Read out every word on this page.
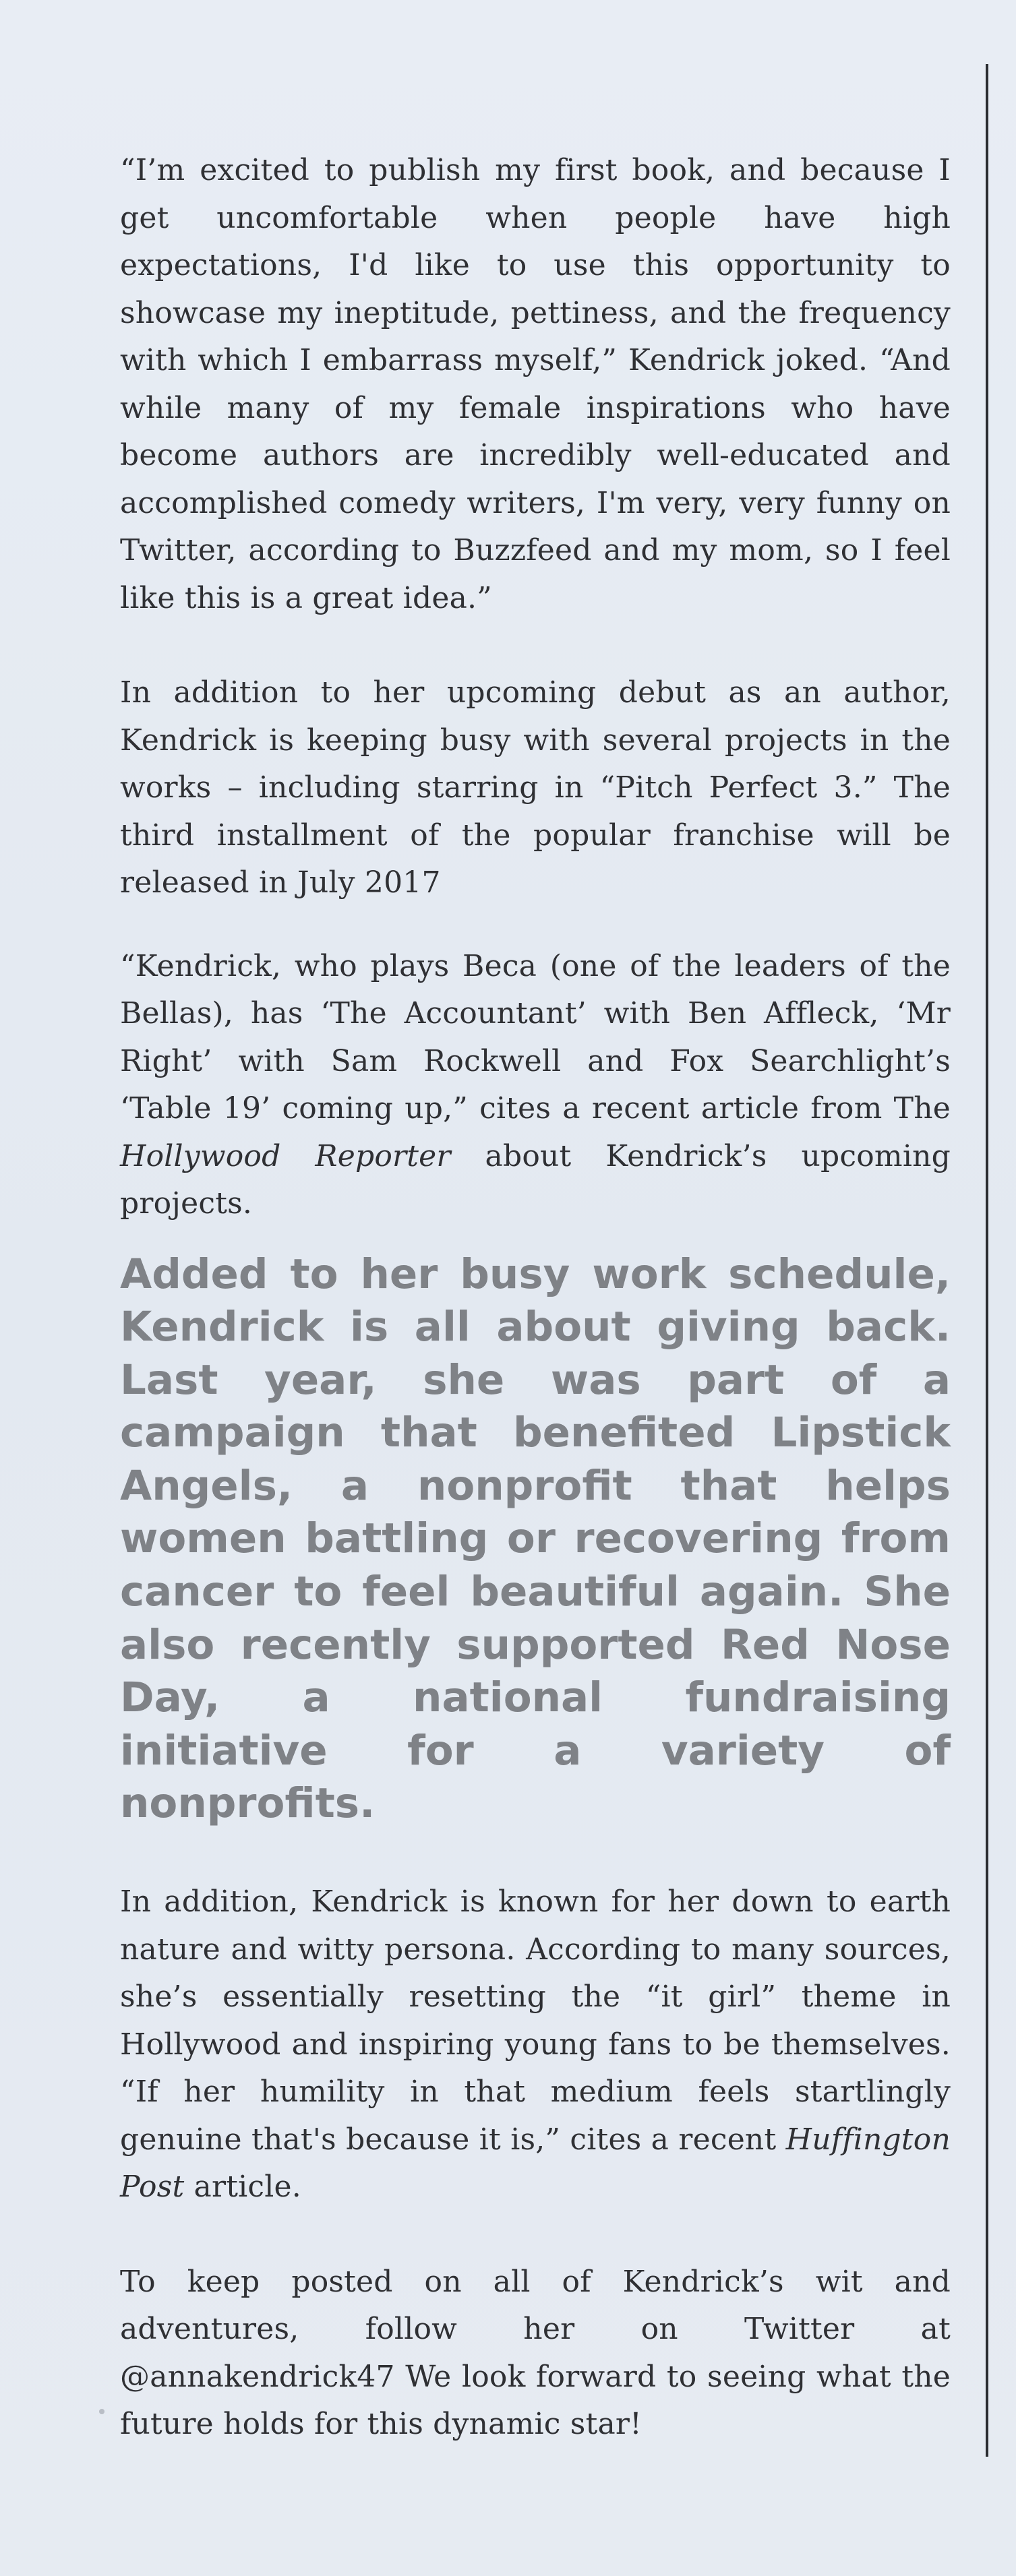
“I’m excited to publish my first book, and because I get uncomfortable when people have high expectations, I'd like to use this opportunity to showcase my ineptitude, pettiness, and the frequency with which I embarrass myself,” Kendrick joked. “And while many of my female inspirations who have become authors are incredibly well-educated and accomplished comedy writers, I'm very, very funny on Twitter, according to Buzzfeed and my mom, so I feel like this is a great idea.”

In addition to her upcoming debut as an author, Kendrick is keeping busy with several projects in the works – including starring in “Pitch Perfect 3.” The third installment of the popular franchise will be released in July 2017

“Kendrick, who plays Beca (one of the leaders of the Bellas), has ‘The Accountant’ with Ben Affleck, ‘Mr Right’ with Sam Rockwell and Fox Searchlight’s ‘Table 19’ coming up,” cites a recent article from The Hollywood Reporter about Kendrick’s upcoming projects.

Added to her busy work schedule, Kendrick is all about giving back. Last year, she was part of a campaign that benefited Lipstick Angels, a nonprofit that helps women battling or recovering from cancer to feel beautiful again. She also recently supported Red Nose Day, a national fundraising initiative for a variety of nonprofits.

In addition, Kendrick is known for her down to earth nature and witty persona. According to many sources, she’s essentially resetting the “it girl” theme in Hollywood and inspiring young fans to be themselves. “If her humility in that medium feels startlingly genuine that's because it is,” cites a recent Huffington Post article.

To keep posted on all of Kendrick’s wit and adventures, follow her on Twitter at @annakendrick47 We look forward to seeing what the future holds for this dynamic star!
